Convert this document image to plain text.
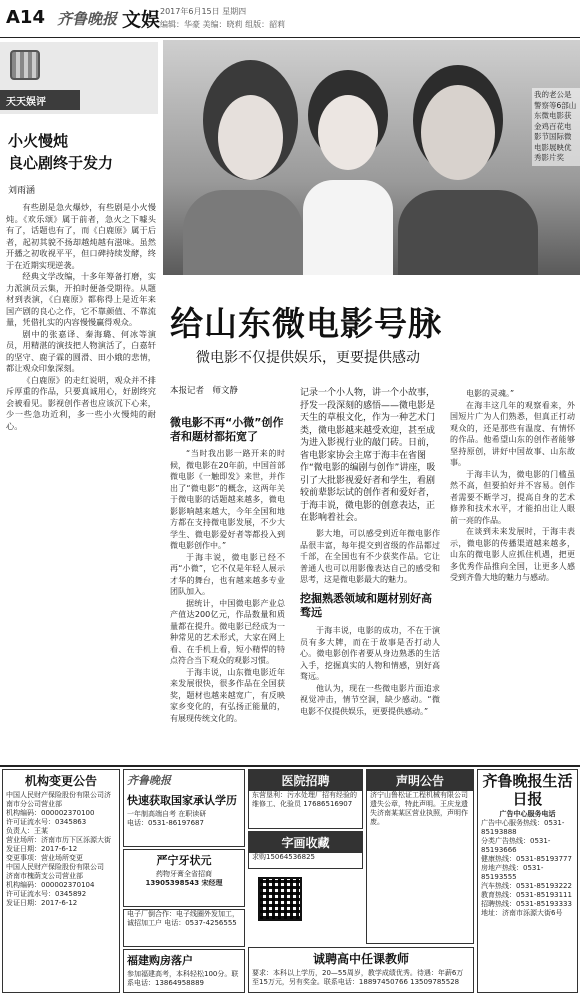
A14 齐鲁晚报 文娱 2017年6月15日 星期四
编辑：华豪 美编：晓莉 组版：韶莉
天天娱评
小火慢炖
良心剧终于发力
刘雨涵

有些剧是急火爆炒，有些剧是小火慢炖。《欢乐颂》属于前者，急火之下噱头有了，话题也有了，而《白鹿原》属于后者，起初其貌不扬却越炖越有滋味。虽然开播之初收视平平，但口碑持续发酵，终于在近期实现逆袭。

经典文学改编，十多年筹备打磨，实力派演员云集，开拍时便备受期待。从题材到表演，《白鹿原》都称得上是近年来国产剧的良心之作，它不靠颜值、不靠流量，凭借扎实的内容慢慢赢得观众。

剧中的张嘉译、秦海璐、何冰等演员，用精湛的演技把人物演活了，白嘉轩的坚守、鹿子霖的圆滑、田小娥的悲情，都让观众印象深刻。

《白鹿原》的走红说明，观众并不排斥厚重的作品，只要真诚用心，好剧终究会被看见。影视创作者也应该沉下心来，少一些急功近利，多一些小火慢炖的耐心。

我的老公是警察等6部山东微电影获金鸡百花电影节国际微电影展映优秀影片奖
给山东微电影号脉
微电影不仅提供娱乐，更要提供感动
本报记者　师文静	记录一个小人物，讲一个小故事，抒发一段深刻的感悟——微电影是天生的草根文化，作为一种艺术门类，微电影越来越受欢迎，甚至成为进入影视行业的敲门砖。日前，省电影家协会主席于海丰在省图作“微电影的编剧与创作”讲座，吸引了大批影视爱好者和学生，看剧较前辈影坛试的创作者和爱好者，于海丰说，微电影的创意表达，正在影响着社会。
微电影不再“小微”创作者和题材都拓宽了

“当时我出影一路开来的时候，微电影在20年前，中国首部微电影《一触即发》来世，并作出了“微电影”的概念，这两年关于微电影的话题越来越多，微电影影响越来越大，今年全国和地方都在支持微电影发展，不少大学生、微电影爱好者等都投入到微电影创作中。”

于海丰说，微电影已经不再“小微”，它不仅是年轻人展示才华的舞台，也有越来越多专业团队加入。

据统计，中国微电影产业总产值达200亿元，作品数量和质量都在提升。微电影已经成为一种常见的艺术形式，大家在网上看、在手机上看，短小精悍的特点符合当下观众的观影习惯。

于海丰说，山东微电影近年来发展很快，很多作品在全国获奖，题材也越来越宽广，有反映家乡变化的，有弘扬正能量的，有展现传统文化的。

影大地，可以感受到近年微电影作品很丰富，每年提交到省级的作品都过千部，在全国也有不少获奖作品。它让普通人也可以用影像表达自己的感受和思考，这是微电影最大的魅力。

挖掘熟悉领域和题材别好高骛远

于海丰说，电影的成功，不在于演员有多大牌，而在于故事是否打动人心。微电影创作者要从身边熟悉的生活入手，挖掘真实的人物和情感，别好高骛远。

他认为，现在一些微电影片面追求视觉冲击，情节空洞，缺少感动。“微电影不仅提供娱乐，更要提供感动。”

电影的灵魂。”

在海丰这几年的观察看来，外国短片广为人们熟悉，但真正打动观众的，还是那些有温度、有情怀的作品。他希望山东的创作者能够坚持原创，讲好中国故事、山东故事。

于海丰认为，微电影的门槛虽然不高，但要拍好并不容易。创作者需要不断学习，提高自身的艺术修养和技术水平，才能拍出让人眼前一亮的作品。

在谈到未来发展时，于海丰表示，微电影的传播渠道越来越多，山东的微电影人应抓住机遇，把更多优秀作品推向全国，让更多人感受到齐鲁大地的魅力与感动。

机构变更公告
中国人民财产保险股份有限公司济南市分公司营业部
机构编码：000002370100
许可证流水号：0345863
负责人：王某
营业场所：济南市历下区泺源大街
发证日期：2017-6-12
变更事项：营业场所变更
中国人民财产保险股份有限公司
济南市槐荫支公司营业部
机构编码：000002370104
许可证流水号：0345892
发证日期：2017-6-12
齐鲁晚报
快速获取国家承认学历
一年制高端自考 在职读研
电话：0531-86197687
严宁牙状元
药物牙膏全省招商
13905398543 宋经理
电子厂倒合作：电子线圈外发加工，诚招加工户 电话：0537-4256555
福建购房落户
参加福建高考，本科轻松100分。联系电话：13864958889
医院招聘
东营垦利：污水处理厂招有经验的维修工、化验员 17686516907
字画收藏
求购15064536825
声明公告
济宁山鲁松证工程机械有限公司遗失公章，特此声明。王庆龙遗失济南某某区营业执照，声明作废。
诚聘高中任课教师
要求：本科以上学历，20—55周岁，教学成绩优秀。待遇：年薪6万至15万元，另有奖金。联系电话：18897450766 13509785528
齐鲁晚报生活日报
广告中心服务电话
广告中心服务热线：0531-85193888
分类广告热线：0531-85193666
健康热线：0531-85193777
房地产热线：0531-85193555
汽车热线：0531-85193222
教育热线：0531-85193111
招聘热线：0531-85193333
地址：济南市泺源大街6号
